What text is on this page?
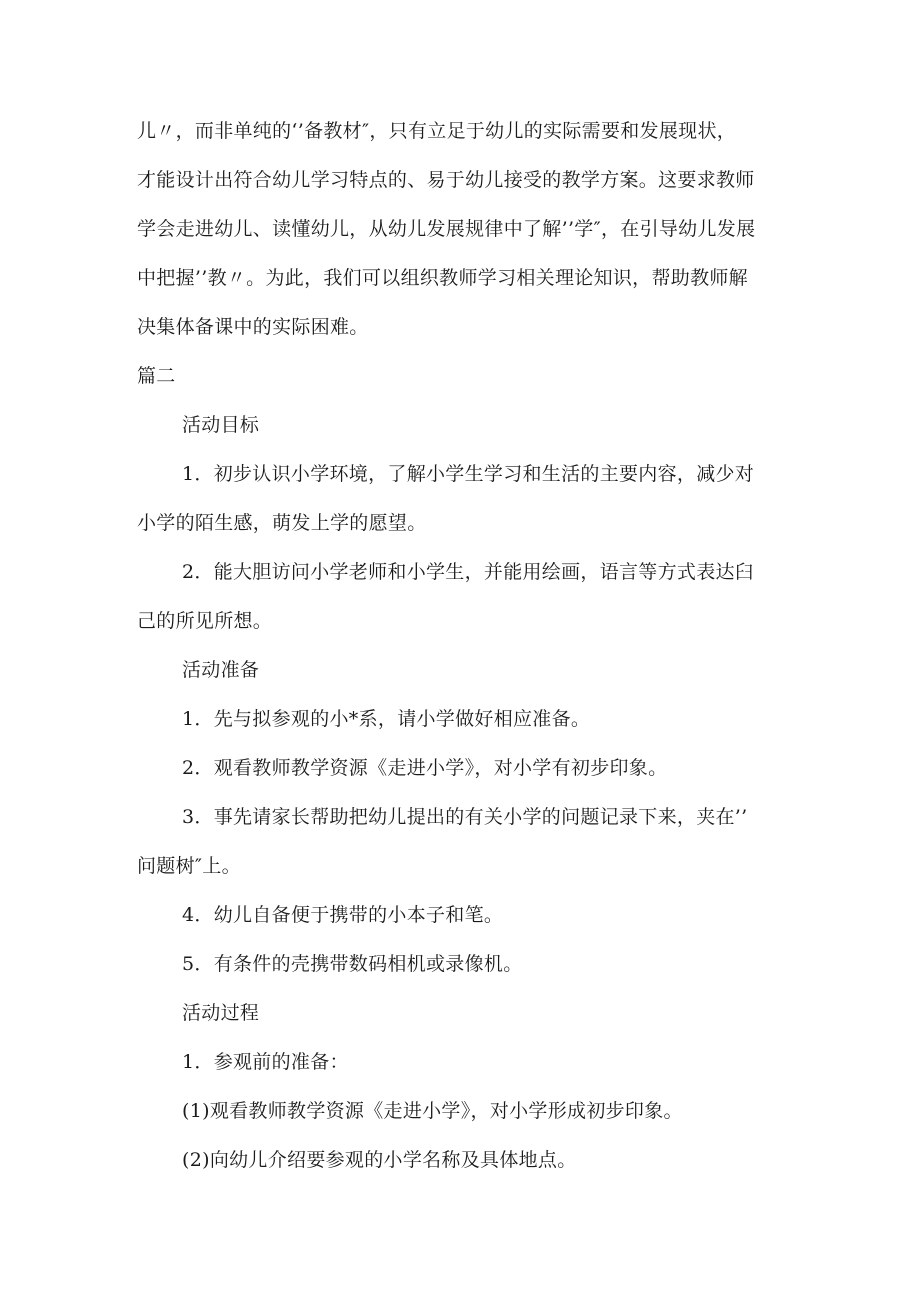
儿〃，而非单纯的‘’备教材″，只有立足于幼儿的实际需要和发展现状，

才能设计出符合幼儿学习特点的、易于幼儿接受的教学方案。这要求教师

学会走进幼儿、读懂幼儿，从幼儿发展规律中了解’’学″，在引导幼儿发展

中把握’’教〃。为此，我们可以组织教师学习相关理论知识，帮助教师解

决集体备课中的实际困难。

篇二

活动目标

1．初步认识小学环境，了解小学生学习和生活的主要内容，减少对

小学的陌生感，萌发上学的愿望。

2．能大胆访问小学老师和小学生，并能用绘画，语言等方式表达臼

己的所见所想。

活动准备

1．先与拟参观的小*系，请小学做好相应准备。

2．观看教师教学资源《走进小学》，对小学有初步印象。

3．事先请家长帮助把幼儿提出的有关小学的问题记录下来，夹在’’

问题树″上。

4．幼儿自备便于携带的小本子和笔。

5．有条件的壳携带数码相机或录像机。

活动过程

1．参观前的准备：

(1)观看教师教学资源《走进小学》，对小学形成初步印象。

(2)向幼儿介绍要参观的小学名称及具体地点。
